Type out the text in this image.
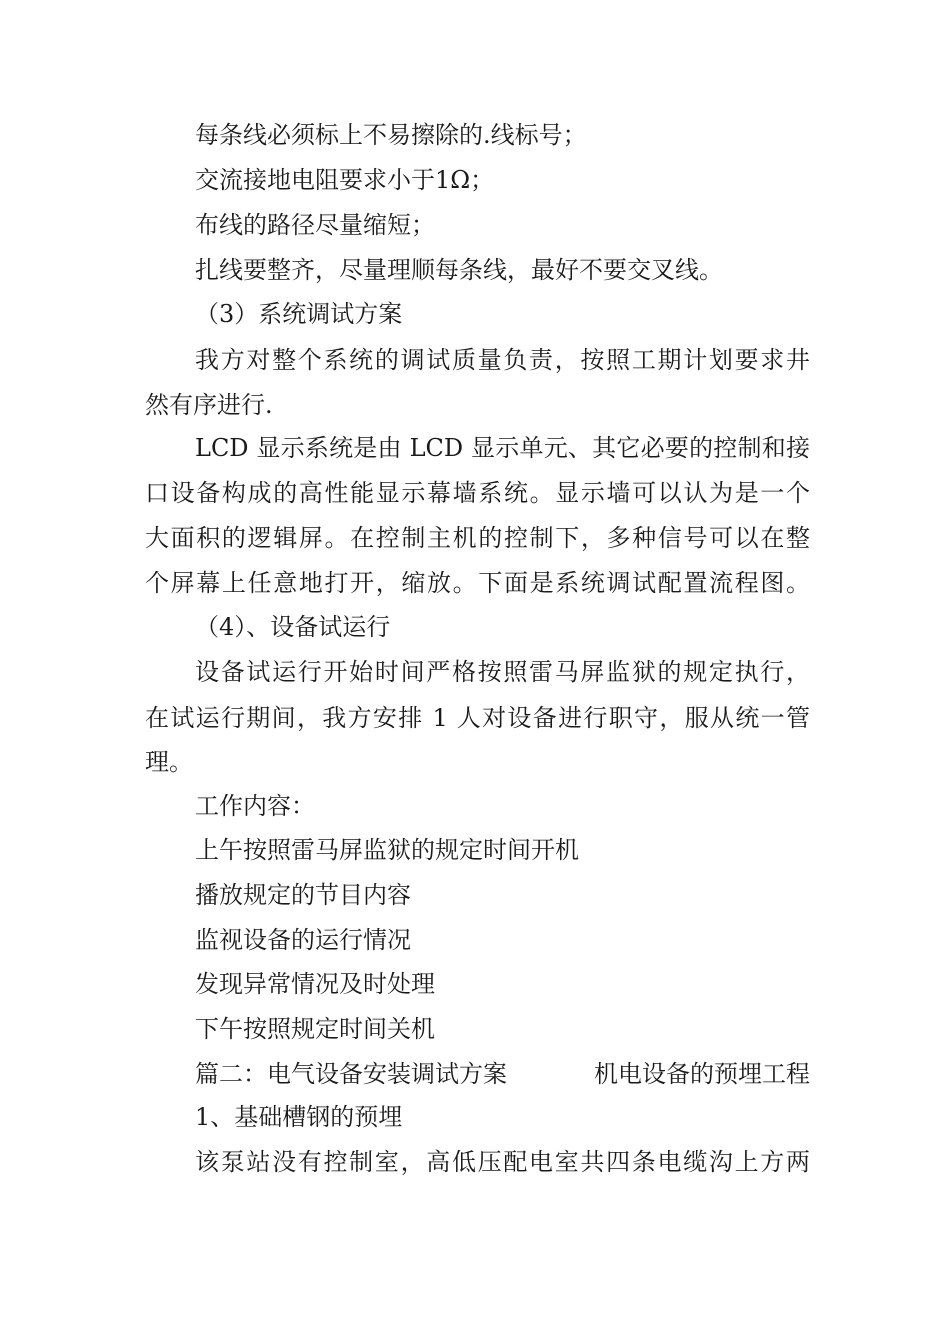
每条线必须标上不易擦除的.线标号；
交流接地电阻要求小于1Ω；
布线的路径尽量缩短；
扎线要整齐，尽量理顺每条线，最好不要交叉线。
（3）系统调试方案
我方对整个系统的调试质量负责，按照工期计划要求井
然有序进行.
LCD 显示系统是由 LCD 显示单元、其它必要的控制和接
口设备构成的高性能显示幕墙系统。显示墙可以认为是一个
大面积的逻辑屏。在控制主机的控制下，多种信号可以在整
个屏幕上任意地打开，缩放。下面是系统调试配置流程图。
（4）、设备试运行
设备试运行开始时间严格按照雷马屏监狱的规定执行，
在试运行期间，我方安排 1 人对设备进行职守，服从统一管
理。
工作内容：
上午按照雷马屏监狱的规定时间开机
播放规定的节目内容
监视设备的运行情况
发现异常情况及时处理
下午按照规定时间关机
篇二：电气设备安装调试方案	机电设备的预埋工程
1、基础槽钢的预埋
该泵站没有控制室，高低压配电室共四条电缆沟上方两
